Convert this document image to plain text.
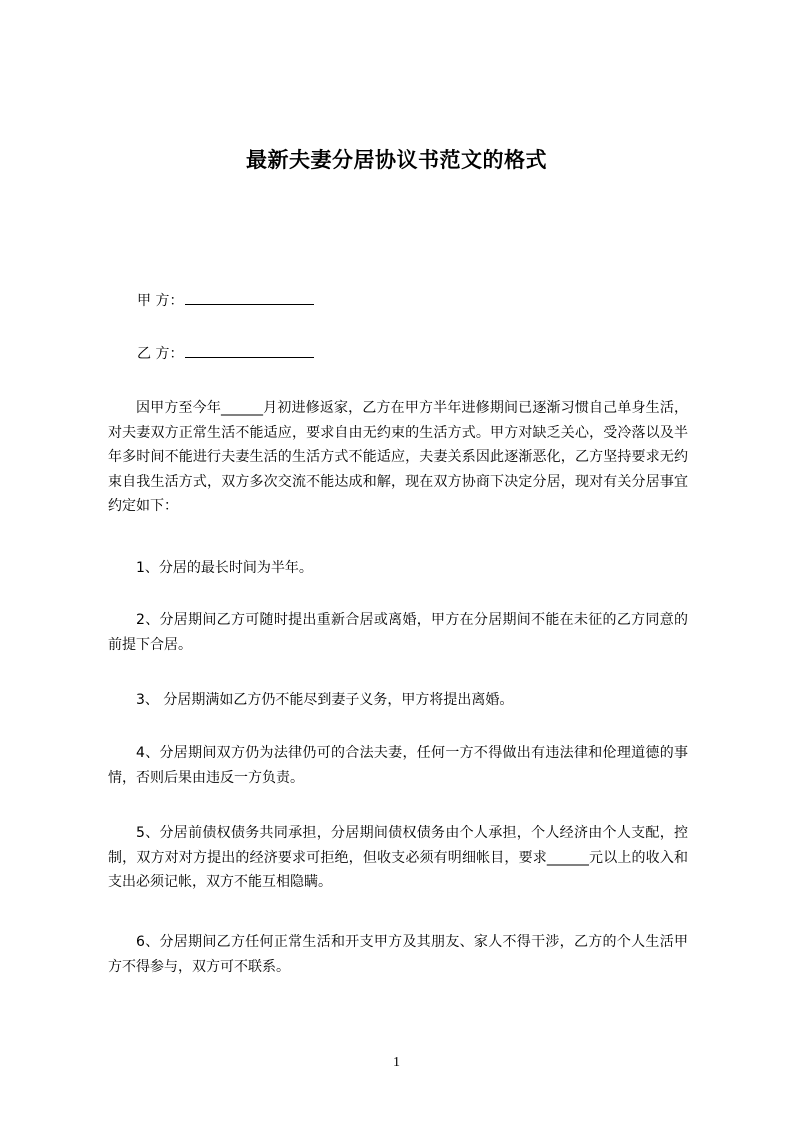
最新夫妻分居协议书范文的格式
甲 方：
乙 方：

因甲方至今年______月初进修返家，乙方在甲方半年进修期间已逐渐习惯自己单身生活，对夫妻双方正常生活不能适应，要求自由无约束的生活方式。甲方对缺乏关心，受冷落以及半年多时间不能进行夫妻生活的生活方式不能适应，夫妻关系因此逐渐恶化，乙方坚持要求无约束自我生活方式，双方多次交流不能达成和解，现在双方协商下决定分居，现对有关分居事宜约定如下：

1、分居的最长时间为半年。

2、分居期间乙方可随时提出重新合居或离婚，甲方在分居期间不能在未征的乙方同意的前提下合居。

3、 分居期满如乙方仍不能尽到妻子义务，甲方将提出离婚。

4、分居期间双方仍为法律仍可的合法夫妻，任何一方不得做出有违法律和伦理道德的事情，否则后果由违反一方负责。

5、分居前债权债务共同承担，分居期间债权债务由个人承担，个人经济由个人支配，控制，双方对对方提出的经济要求可拒绝，但收支必须有明细帐目，要求______元以上的收入和支出必须记帐，双方不能互相隐瞒。

6、分居期间乙方任何正常生活和开支甲方及其朋友、家人不得干涉，乙方的个人生活甲方不得参与，双方可不联系。

1
